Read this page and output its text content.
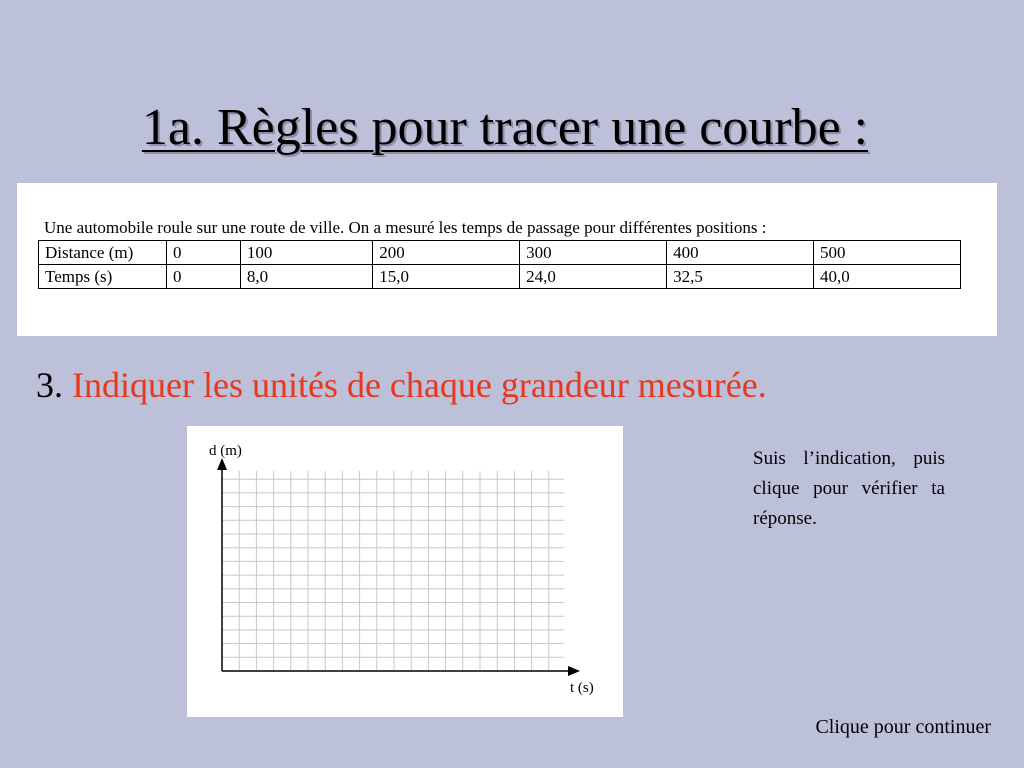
1a. Règles pour tracer une courbe :
Une automobile roule sur une route de ville. On a mesuré les temps de passage pour différentes positions :
Distance (m)	0	100	200	300	400	500
Temps (s)	0	8,0	15,0	24,0	32,5	40,0
3. Indiquer les unités de chaque grandeur mesurée.
d (m)
t (s)
Suis l’indication, puis clique pour vérifier ta réponse.
Clique pour continuer
